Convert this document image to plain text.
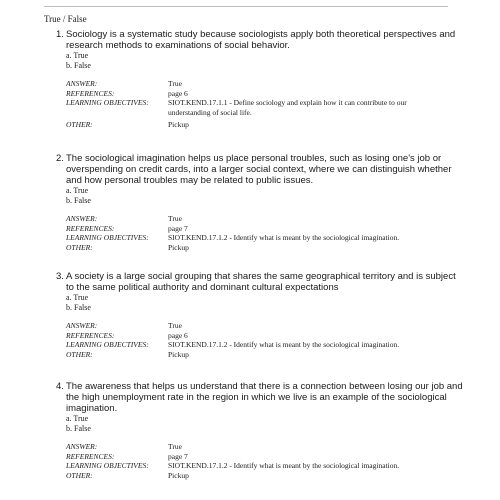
True / False
1. Sociology is a systematic study because sociologists apply both theoretical perspectives and research methods to examinations of social behavior.
a. True
b. False
ANSWER:	True
REFERENCES:	page 6
LEARNING OBJECTIVES:	SIOT.KEND.17.1.1 - Define sociology and explain how it can contribute to our understanding of social life.
OTHER:	Pickup
2. The sociological imagination helps us place personal troubles, such as losing one's job or overspending on credit cards, into a larger social context, where we can distinguish whether and how personal troubles may be related to public issues.
a. True
b. False
ANSWER:	True
REFERENCES:	page 7
LEARNING OBJECTIVES:	SIOT.KEND.17.1.2 - Identify what is meant by the sociological imagination.
OTHER:	Pickup
3. A society is a large social grouping that shares the same geographical territory and is subject to the same political authority and dominant cultural expectations
a. True
b. False
ANSWER:	True
REFERENCES:	page 6
LEARNING OBJECTIVES:	SIOT.KEND.17.1.2 - Identify what is meant by the sociological imagination.
OTHER:	Pickup
4. The awareness that helps us understand that there is a connection between losing our job and the high unemployment rate in the region in which we live is an example of the sociological imagination.
a. True
b. False
ANSWER:	True
REFERENCES:	page 7
LEARNING OBJECTIVES:	SIOT.KEND.17.1.2 - Identify what is meant by the sociological imagination.
OTHER:	Pickup
